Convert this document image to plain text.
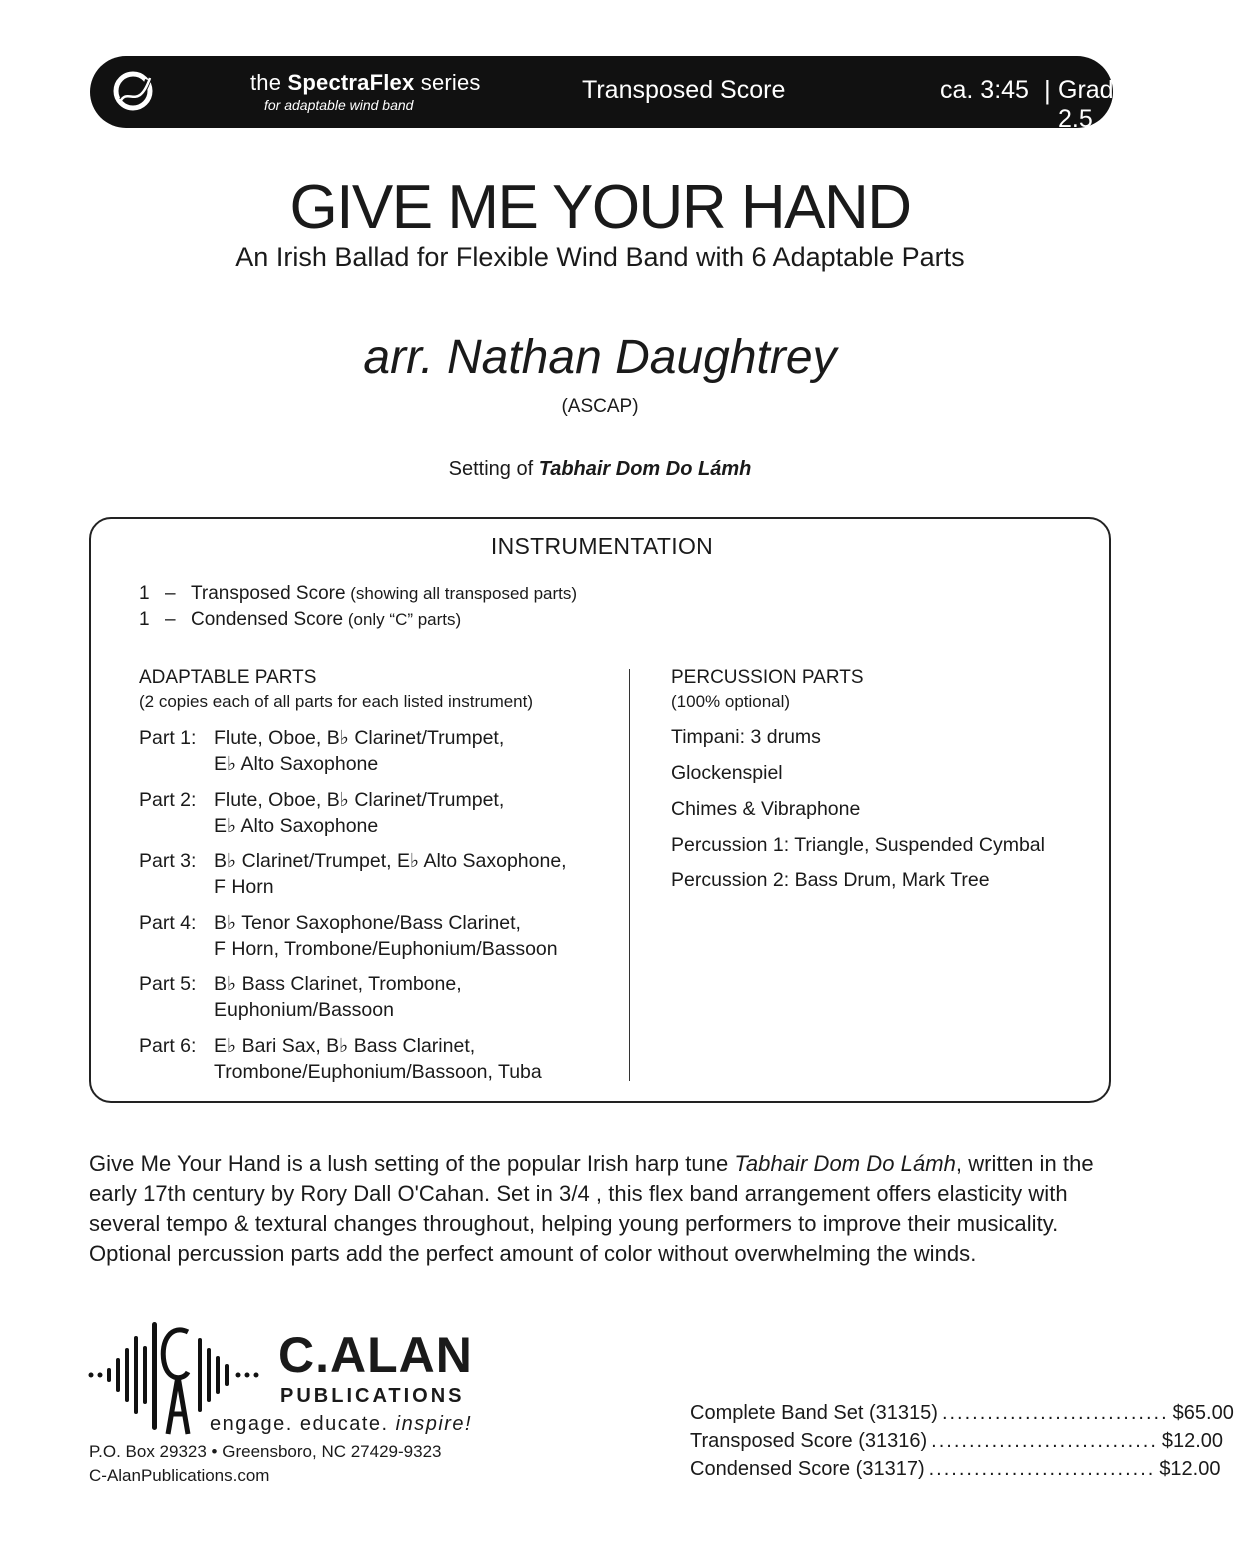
the SpectraFlex series
for adaptable wind band
Transposed Score	ca. 3:45 | Grade 2.5
GIVE ME YOUR HAND
An Irish Ballad for Flexible Wind Band with 6 Adaptable Parts
arr. Nathan Daughtrey
(ASCAP)
Setting of Tabhair Dom Do Lámh
INSTRUMENTATION
1 – Transposed Score (showing all transposed parts)
1 – Condensed Score (only “C” parts)
ADAPTABLE PARTS
(2 copies each of all parts for each listed instrument)
Part 1: Flute, Oboe, B♭ Clarinet/Trumpet,
E♭ Alto Saxophone
Part 2: Flute, Oboe, B♭ Clarinet/Trumpet,
E♭ Alto Saxophone
Part 3: B♭ Clarinet/Trumpet, E♭ Alto Saxophone,
F Horn
Part 4: B♭ Tenor Saxophone/Bass Clarinet,
F Horn, Trombone/Euphonium/Bassoon
Part 5: B♭ Bass Clarinet, Trombone,
Euphonium/Bassoon
Part 6: E♭ Bari Sax, B♭ Bass Clarinet,
Trombone/Euphonium/Bassoon, Tuba
PERCUSSION PARTS
(100% optional)
Timpani: 3 drums
Glockenspiel
Chimes & Vibraphone
Percussion 1: Triangle, Suspended Cymbal
Percussion 2: Bass Drum, Mark Tree

Give Me Your Hand is a lush setting of the popular Irish harp tune Tabhair Dom Do Lámh, written in the early 17th century by Rory Dall O'Cahan. Set in 3/4 , this flex band arrangement offers elasticity with several tempo & textural changes throughout, helping young performers to improve their musicality. Optional percussion parts add the perfect amount of color without overwhelming the winds.

C.ALAN
PUBLICATIONS
engage. educate. inspire!
P.O. Box 29323 • Greensboro, NC 27429-9323
C-AlanPublications.com
Complete Band Set (31315) .............................. $65.00
Transposed Score (31316) .............................. $12.00
Condensed Score (31317) .............................. $12.00
